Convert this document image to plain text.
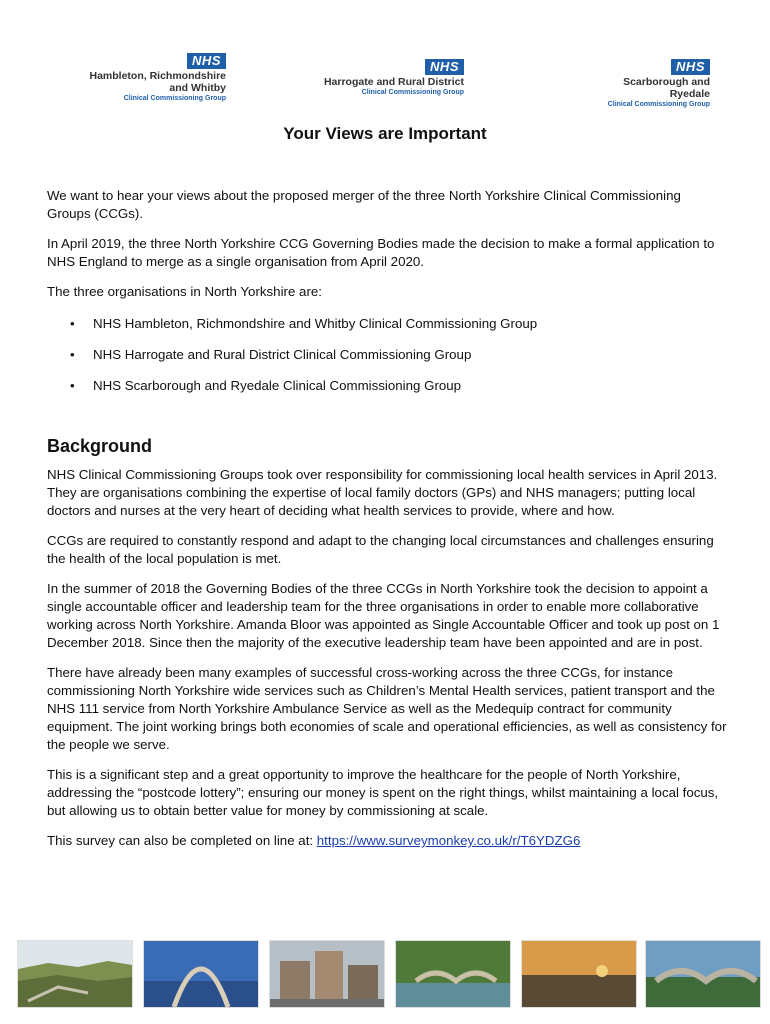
NHS
Hambleton, Richmondshire
and Whitby
Clinical Commissioning Group
NHS
Harrogate and Rural District
Clinical Commissioning Group
NHS
Scarborough and Ryedale
Clinical Commissioning Group
Your Views are Important

We want to hear your views about the proposed merger of the three North Yorkshire Clinical Commissioning Groups (CCGs).

In April 2019, the three North Yorkshire CCG Governing Bodies made the decision to make a formal application to NHS England to merge as a single organisation from April 2020.

The three organisations in North Yorkshire are:

• NHS Hambleton, Richmondshire and Whitby Clinical Commissioning Group
• NHS Harrogate and Rural District Clinical Commissioning Group
• NHS Scarborough and Ryedale Clinical Commissioning Group
Background

NHS Clinical Commissioning Groups took over responsibility for commissioning local health services in April 2013. They are organisations combining the expertise of local family doctors (GPs) and NHS managers; putting local doctors and nurses at the very heart of deciding what health services to provide, where and how.

CCGs are required to constantly respond and adapt to the changing local circumstances and challenges ensuring the health of the local population is met.

In the summer of 2018 the Governing Bodies of the three CCGs in North Yorkshire took the decision to appoint a single accountable officer and leadership team for the three organisations in order to enable more collaborative working across North Yorkshire. Amanda Bloor was appointed as Single Accountable Officer and took up post on 1 December 2018. Since then the majority of the executive leadership team have been appointed and are in post.

There have already been many examples of successful cross-working across the three CCGs, for instance commissioning North Yorkshire wide services such as Children’s Mental Health services, patient transport and the NHS 111 service from North Yorkshire Ambulance Service as well as the Medequip contract for community equipment. The joint working brings both economies of scale and operational efficiencies, as well as consistency for the people we serve.

This is a significant step and a great opportunity to improve the healthcare for the people of North Yorkshire, addressing the “postcode lottery”; ensuring our money is spent on the right things, whilst maintaining a local focus, but allowing us to obtain better value for money by commissioning at scale.

This survey can also be completed on line at: https://www.surveymonkey.co.uk/r/T6YDZG6
